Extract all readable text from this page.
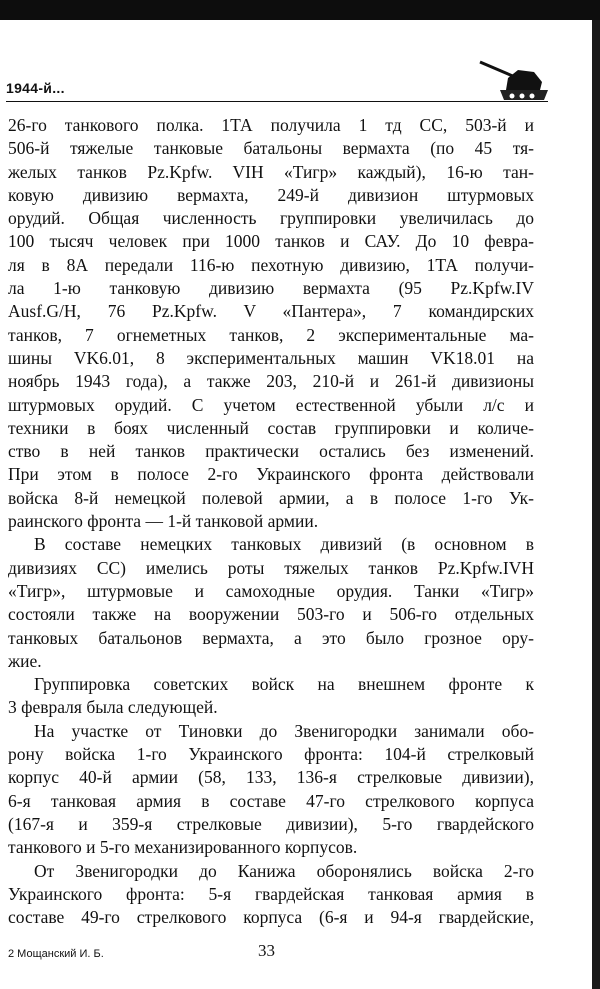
1944-й...
26-го танкового полка. 1ТА получила 1 тд СС, 503-й и
506-й тяжелые танковые батальоны вермахта (по 45 тя-
желых танков Pz.Kpfw. VIH «Тигр» каждый), 16-ю тан-
ковую дивизию вермахта, 249-й дивизион штурмовых
орудий. Общая численность группировки увеличилась до
100 тысяч человек при 1000 танков и САУ. До 10 февра-
ля в 8А передали 116-ю пехотную дивизию, 1ТА получи-
ла 1-ю танковую дивизию вермахта (95 Pz.Kpfw.IV
Ausf.G/H, 76 Pz.Kpfw. V «Пантера», 7 командирских
танков, 7 огнеметных танков, 2 экспериментальные ма-
шины VK6.01, 8 экспериментальных машин VK18.01 на
ноябрь 1943 года), а также 203, 210-й и 261-й дивизионы
штурмовых орудий. С учетом естественной убыли л/с и
техники в боях численный состав группировки и количе-
ство в ней танков практически остались без изменений.
При этом в полосе 2-го Украинского фронта действовали
войска 8-й немецкой полевой армии, а в полосе 1-го Ук-
раинского фронта — 1-й танковой армии.
В составе немецких танковых дивизий (в основном в
дивизиях СС) имелись роты тяжелых танков Pz.Kpfw.IVH
«Тигр», штурмовые и самоходные орудия. Танки «Тигр»
состояли также на вооружении 503-го и 506-го отдельных
танковых батальонов вермахта, а это было грозное ору-
жие.
Группировка советских войск на внешнем фронте к
3 февраля была следующей.
На участке от Тиновки до Звенигородки занимали обо-
рону войска 1-го Украинского фронта: 104-й стрелковый
корпус 40-й армии (58, 133, 136-я стрелковые дивизии),
6-я танковая армия в составе 47-го стрелкового корпуса
(167-я и 359-я стрелковые дивизии), 5-го гвардейского
танкового и 5-го механизированного корпусов.
От Звенигородки до Канижа оборонялись войска 2-го
Украинского фронта: 5-я гвардейская танковая армия в
составе 49-го стрелкового корпуса (6-я и 94-я гвардейские,
2 Мощанский И. Б.	33
